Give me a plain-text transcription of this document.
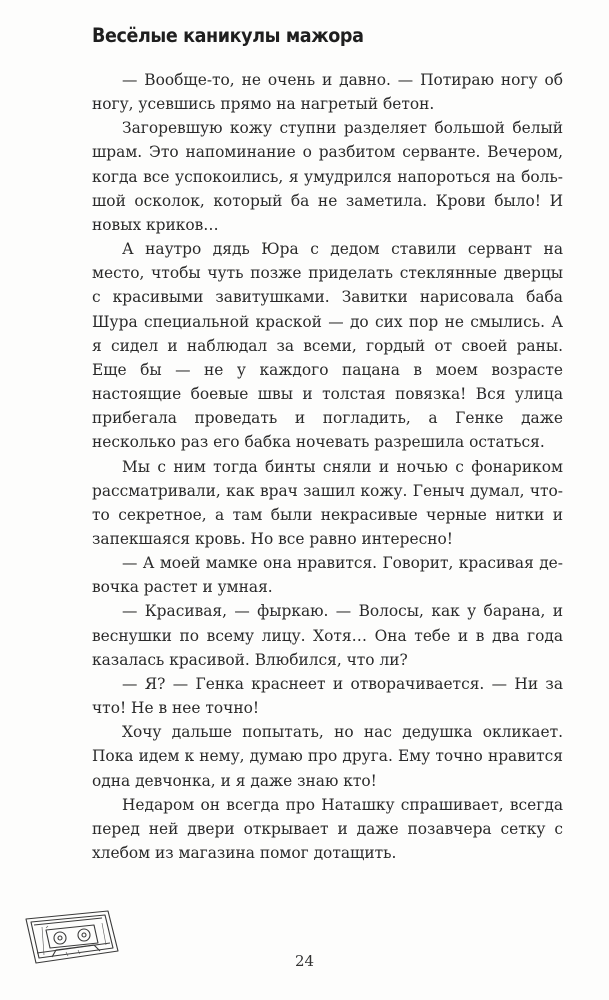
Весёлые каникулы мажора

— Вообще-то, не очень и давно. — Потираю ногу об ногу, усевшись прямо на нагретый бетон.

Загоревшую кожу ступни разделяет большой белый шрам. Это напоминание о разбитом серванте. Вечером, когда все успокоились, я умудрился напороться на большой осколок, который ба не заметила. Крови было! И новых криков…

А наутро дядь Юра с дедом ставили сервант на место, чтобы чуть позже приделать стеклянные дверцы с красивыми завитушками. Завитки нарисовала баба Шура специальной краской — до сих пор не смылись. А я сидел и наблюдал за всеми, гордый от своей раны. Еще бы — не у каждого пацана в моем возрасте настоящие боевые швы и толстая повязка! Вся улица прибегала проведать и погладить, а Генке даже несколько раз его бабка ночевать разрешила остаться.

Мы с ним тогда бинты сняли и ночью с фонариком рассматривали, как врач зашил кожу. Геныч думал, что-то секретное, а там были некрасивые черные нитки и запекшаяся кровь. Но все равно интересно!

— А моей мамке она нравится. Говорит, красивая девочка растет и умная.

— Красивая, — фыркаю. — Волосы, как у барана, и веснушки по всему лицу. Хотя… Она тебе и в два года казалась красивой. Влюбился, что ли?

— Я? — Генка краснеет и отворачивается. — Ни за что! Не в нее точно!

Хочу дальше попытать, но нас дедушка окликает. Пока идем к нему, думаю про друга. Ему точно нравится одна девчонка, и я даже знаю кто!

Недаром он всегда про Наташку спрашивает, всегда перед ней двери открывает и даже позавчера сетку с хлебом из магазина помог дотащить.

24
